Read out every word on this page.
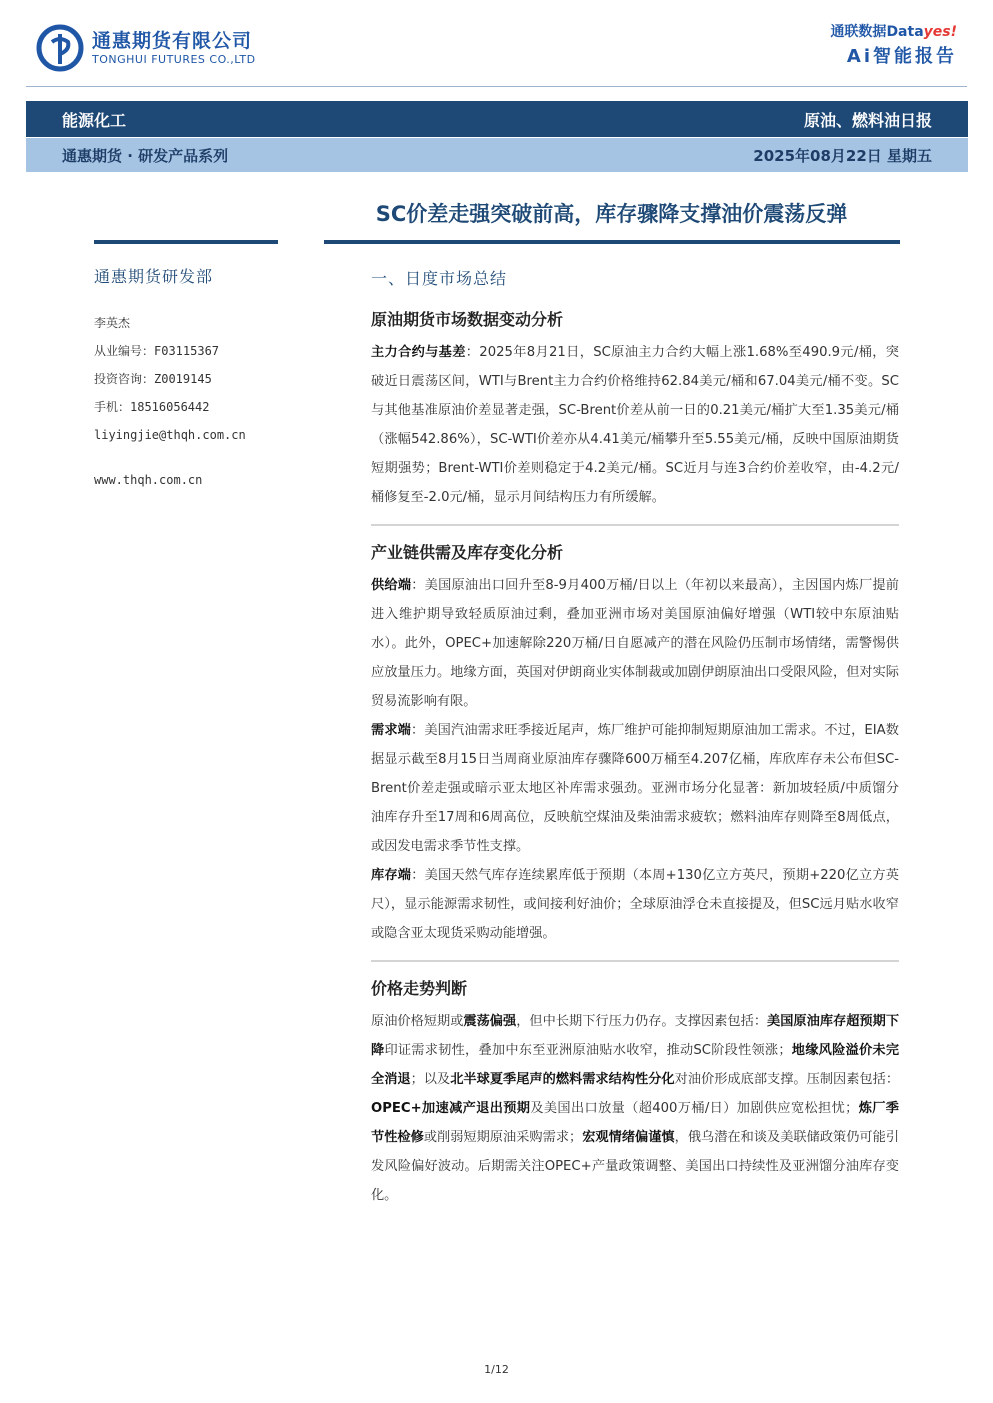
通惠期货有限公司
TONGHUI FUTURES CO.,LTD
通联数据Datayes!
Ai智能报告
能源化工	原油、燃料油日报
通惠期货 · 研发产品系列	2025年08月22日 星期五
SC价差走强突破前高，库存骤降支撑油价震荡反弹
通惠期货研发部
李英杰
从业编号：F03115367
投资咨询：Z0019145
手机：18516056442
liyingjie@thqh.com.cn
www.thqh.com.cn
一、日度市场总结
原油期货市场数据变动分析

主力合约与基差：2025年8月21日，SC原油主力合约大幅上涨1.68%至490.9元/桶，突破近日震荡区间，WTI与Brent主力合约价格维持62.84美元/桶和67.04美元/桶不变。SC与其他基准原油价差显著走强，SC-Brent价差从前一日的0.21美元/桶扩大至1.35美元/桶（涨幅542.86%），SC-WTI价差亦从4.41美元/桶攀升至5.55美元/桶，反映中国原油期货短期强势；Brent-WTI价差则稳定于4.2美元/桶。SC近月与连3合约价差收窄，由-4.2元/桶修复至-2.0元/桶，显示月间结构压力有所缓解。

产业链供需及库存变化分析

供给端：美国原油出口回升至8-9月400万桶/日以上（年初以来最高），主因国内炼厂提前进入维护期导致轻质原油过剩，叠加亚洲市场对美国原油偏好增强（WTI较中东原油贴水）。此外，OPEC+加速解除220万桶/日自愿减产的潜在风险仍压制市场情绪，需警惕供应放量压力。地缘方面，英国对伊朗商业实体制裁或加剧伊朗原油出口受限风险，但对实际贸易流影响有限。

需求端：美国汽油需求旺季接近尾声，炼厂维护可能抑制短期原油加工需求。不过，EIA数据显示截至8月15日当周商业原油库存骤降600万桶至4.207亿桶，库欣库存未公布但SC-Brent价差走强或暗示亚太地区补库需求强劲。亚洲市场分化显著：新加坡轻质/中质馏分油库存升至17周和6周高位，反映航空煤油及柴油需求疲软；燃料油库存则降至8周低点，或因发电需求季节性支撑。

库存端：美国天然气库存连续累库低于预期（本周+130亿立方英尺，预期+220亿立方英尺），显示能源需求韧性，或间接利好油价；全球原油浮仓未直接提及，但SC远月贴水收窄或隐含亚太现货采购动能增强。

价格走势判断

原油价格短期或震荡偏强，但中长期下行压力仍存。支撑因素包括：美国原油库存超预期下降印证需求韧性，叠加中东至亚洲原油贴水收窄，推动SC阶段性领涨；地缘风险溢价未完全消退；以及北半球夏季尾声的燃料需求结构性分化对油价形成底部支撑。压制因素包括：OPEC+加速减产退出预期及美国出口放量（超400万桶/日）加剧供应宽松担忧；炼厂季节性检修或削弱短期原油采购需求；宏观情绪偏谨慎，俄乌潜在和谈及美联储政策仍可能引发风险偏好波动。后期需关注OPEC+产量政策调整、美国出口持续性及亚洲馏分油库存变化。

1/12
